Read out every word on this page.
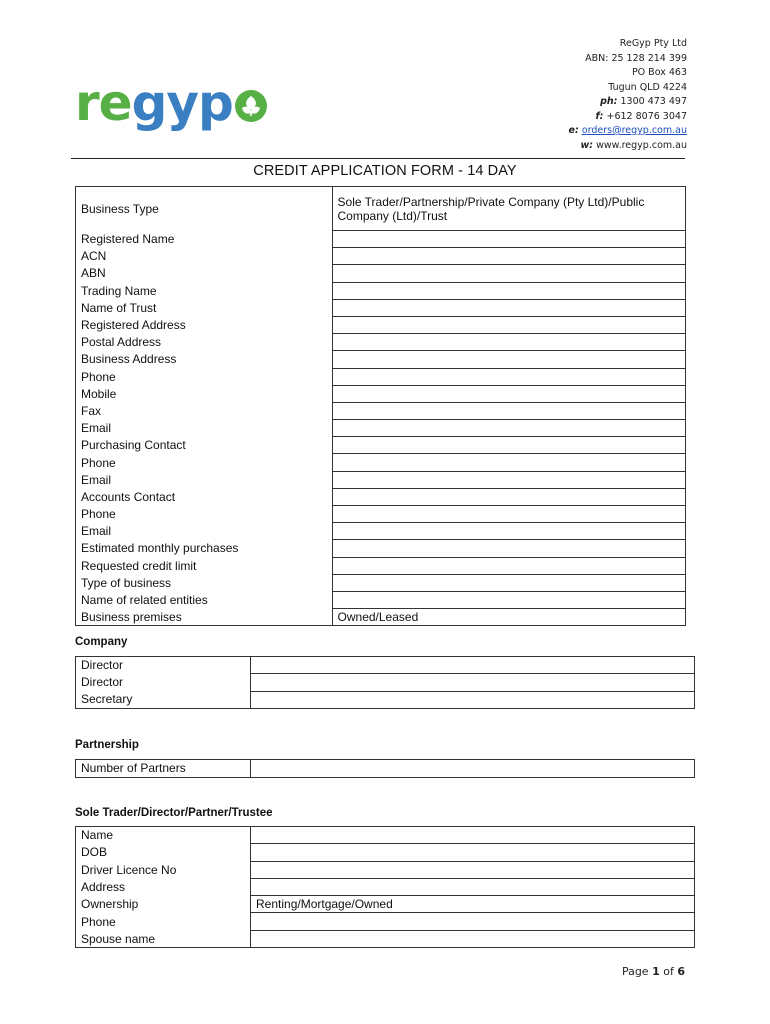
regyp
ReGyp Pty Ltd
ABN: 25 128 214 399
PO Box 463
Tugun QLD 4224
ph: 1300 473 497
f: +612 8076 3047
e: orders@regyp.com.au
w: www.regyp.com.au
CREDIT APPLICATION FORM - 14 DAY
Business Type	Sole Trader/Partnership/Private Company (Pty Ltd)/Public Company (Ltd)/Trust
Registered Name	
ACN	
ABN	
Trading Name	
Name of Trust	
Registered Address	
Postal Address	
Business Address	
Phone	
Mobile	
Fax	
Email	
Purchasing Contact	
Phone	
Email	
Accounts Contact	
Phone	
Email	
Estimated monthly purchases	
Requested credit limit	
Type of business	
Name of related entities	
Business premises	Owned/Leased
Company
Director	
Director	
Secretary	
Partnership
Number of Partners	
Sole Trader/Director/Partner/Trustee
Name	
DOB	
Driver Licence No	
Address	
Ownership	Renting/Mortgage/Owned
Phone	
Spouse name	
Page 1 of 6
